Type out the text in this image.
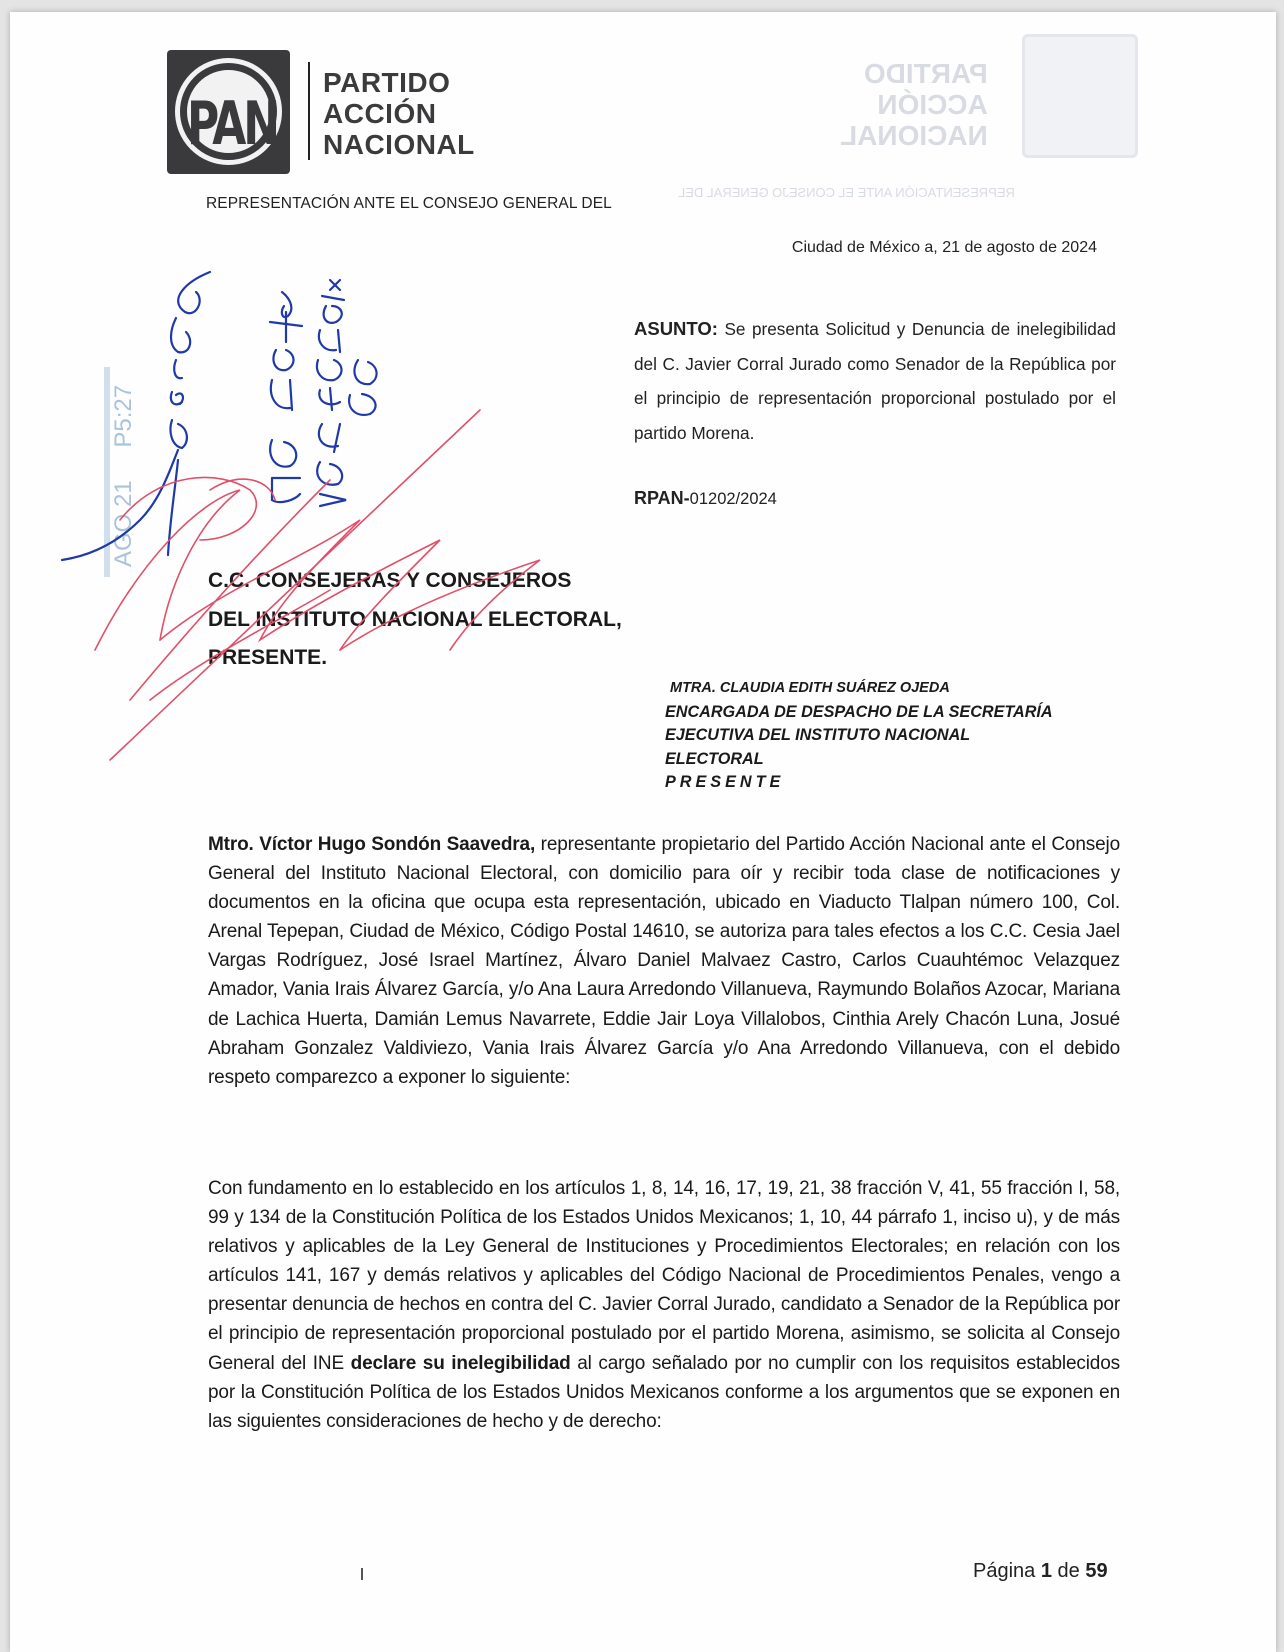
PARTIDO
ACCIÓN
NACIONAL
REPRESENTACIÓN ANTE EL CONSEJO GENERAL DEL
PAN
PARTIDO
ACCIÓN
NACIONAL
REPRESENTACIÓN ANTE EL CONSEJO GENERAL DEL
Ciudad de México a, 21 de agosto de 2024
ASUNTO: Se presenta Solicitud y Denuncia de inelegibilidad del C. Javier Corral Jurado como Senador de la República por el principio de representación proporcional postulado por el partido Morena.
RPAN-01202/2024
C.C. CONSEJERAS Y CONSEJEROS
DEL INSTITUTO NACIONAL ELECTORAL,
PRESENTE.
MTRA. CLAUDIA EDITH SUÁREZ OJEDA
ENCARGADA DE DESPACHO DE LA SECRETARÍA
EJECUTIVA DEL INSTITUTO NACIONAL
ELECTORAL
PRESENTE
Mtro. Víctor Hugo Sondón Saavedra, representante propietario del Partido Acción Nacional ante el Consejo General del Instituto Nacional Electoral, con domicilio para oír y recibir toda clase de notificaciones y documentos en la oficina que ocupa esta representación, ubicado en Viaducto Tlalpan número 100, Col. Arenal Tepepan, Ciudad de México, Código Postal 14610, se autoriza para tales efectos a los C.C. Cesia Jael Vargas Rodríguez, José Israel Martínez, Álvaro Daniel Malvaez Castro, Carlos Cuauhtémoc Velazquez Amador, Vania Irais Álvarez García, y/o Ana Laura Arredondo Villanueva, Raymundo Bolaños Azocar, Mariana de Lachica Huerta, Damián Lemus Navarrete, Eddie Jair Loya Villalobos, Cinthia Arely Chacón Luna, Josué Abraham Gonzalez Valdiviezo, Vania Irais Álvarez García y/o Ana Arredondo Villanueva, con el debido respeto comparezco a exponer lo siguiente:
Con fundamento en lo establecido en los artículos 1, 8, 14, 16, 17, 19, 21, 38 fracción V, 41, 55 fracción I, 58, 99 y 134 de la Constitución Política de los Estados Unidos Mexicanos; 1, 10, 44 párrafo 1, inciso u), y de más relativos y aplicables de la Ley General de Instituciones y Procedimientos Electorales; en relación con los artículos 141, 167 y demás relativos y aplicables del Código Nacional de Procedimientos Penales, vengo a presentar denuncia de hechos en contra del C. Javier Corral Jurado, candidato a Senador de la República por el principio de representación proporcional postulado por el partido Morena, asimismo, se solicita al Consejo General del INE declare su inelegibilidad al cargo señalado por no cumplir con los requisitos establecidos por la Constitución Política de los Estados Unidos Mexicanos conforme a los argumentos que se exponen en las siguientes consideraciones de hecho y de derecho:
Página 1 de 59
AGO 21 P5:27
